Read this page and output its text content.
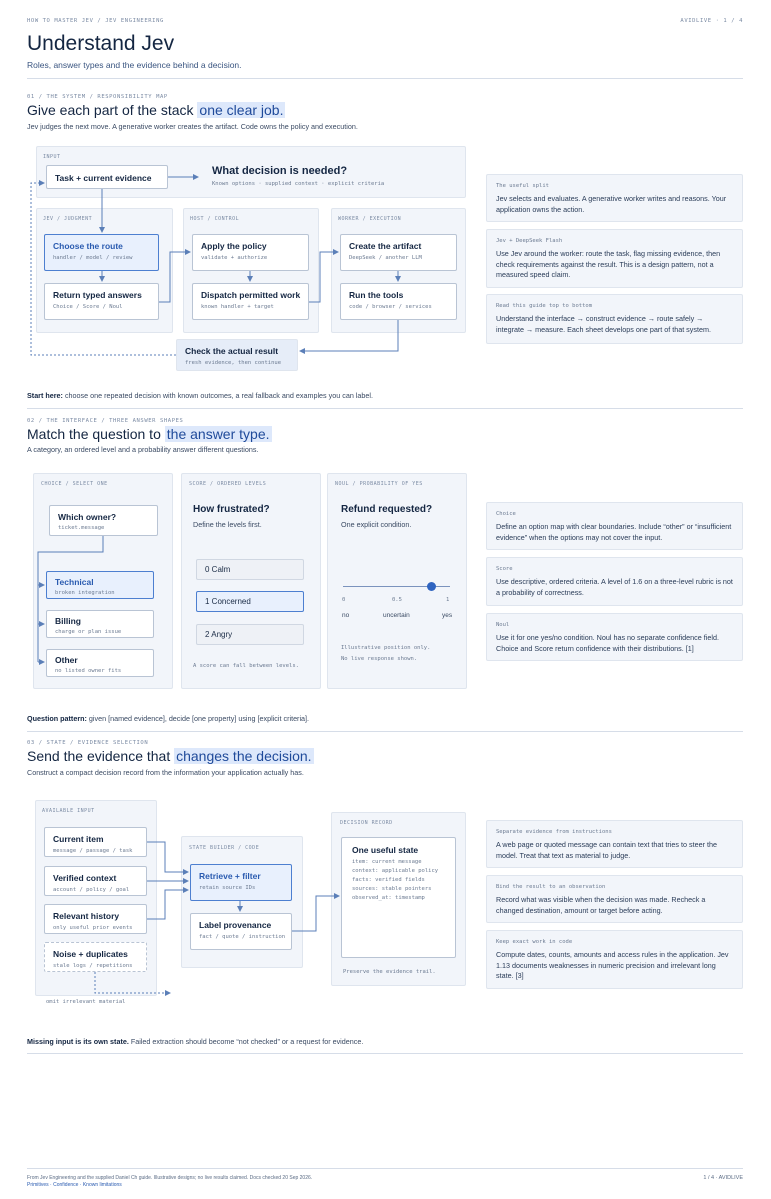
HOW TO MASTER JEV / JEV ENGINEERING	AVIDLIVE · 1 / 4
Understand Jev
Roles, answer types and the evidence behind a decision.
01 / THE SYSTEM / RESPONSIBILITY MAP
Give each part of the stack one clear job.
Jev judges the next move. A generative worker creates the artifact. Code owns the policy and execution.
INPUT
Task + current evidence
What decision is needed?
Known options · supplied context · explicit criteria
JEV / JUDGMENT	HOST / CONTROL	WORKER / EXECUTION
Choose the route
handler / model / review
Return typed answers
Choice / Score / Noul
Apply the policy
validate + authorize
Dispatch permitted work
known handler + target
Create the artifact
DeepSeek / another LLM
Run the tools
code / browser / services
Check the actual result
fresh evidence, then continue
Start here: choose one repeated decision with known outcomes, a real fallback and examples you can label.
The useful split
Jev selects and evaluates. A generative worker writes and reasons. Your application owns the action.
Jev + DeepSeek Flash
Use Jev around the worker: route the task, flag missing evidence, then check requirements against the result. This is a design pattern, not a measured speed claim.
Read this guide top to bottom
Understand the interface → construct evidence → route safely → integrate → measure. Each sheet develops one part of that system.
02 / THE INTERFACE / THREE ANSWER SHAPES
Match the question to the answer type.
A category, an ordered level and a probability answer different questions.
CHOICE / SELECT ONE
Which owner?
ticket.message
Technical
broken integration
Billing
charge or plan issue
Other
no listed owner fits
SCORE / ORDERED LEVELS
How frustrated?
Define the levels first.
0 Calm
1 Concerned
2 Angry
A score can fall between levels.
NOUL / PROBABILITY OF YES
Refund requested?
One explicit condition.
0	0.5	1
no	uncertain	yes
Illustrative position only.
No live response shown.
Choice
Define an option map with clear boundaries. Include “other” or “insufficient evidence” when the options may not cover the input.
Score
Use descriptive, ordered criteria. A level of 1.6 on a three-level rubric is not a probability of correctness.
Noul
Use it for one yes/no condition. Noul has no separate confidence field. Choice and Score return confidence with their distributions. [1]
Question pattern: given [named evidence], decide [one property] using [explicit criteria].
03 / STATE / EVIDENCE SELECTION
Send the evidence that changes the decision.
Construct a compact decision record from the information your application actually has.
AVAILABLE INPUT
Current item
message / passage / task
Verified context
account / policy / goal
Relevant history
only useful prior events
Noise + duplicates
stale logs / repetitions
omit irrelevant material
STATE BUILDER / CODE
Retrieve + filter
retain source IDs
Label provenance
fact / quote / instruction
DECISION RECORD
One useful state
item: current message
context: applicable policy
facts: verified fields
sources: stable pointers
observed_at: timestamp
Preserve the evidence trail.
Separate evidence from instructions
A web page or quoted message can contain text that tries to steer the model. Treat that text as material to judge.
Bind the result to an observation
Record what was visible when the decision was made. Recheck a changed destination, amount or target before acting.
Keep exact work in code
Compute dates, counts, amounts and access rules in the application. Jev 1.13 documents weaknesses in numeric precision and irrelevant long state. [3]
Missing input is its own state. Failed extraction should become “not checked” or a request for evidence.
From Jev Engineering and the supplied Daniel Ch guide. Illustrative designs; no live results claimed. Docs checked 20 Sep 2026.
Primitives · Confidence · Known limitations
1 / 4 · AVIDLIVE
